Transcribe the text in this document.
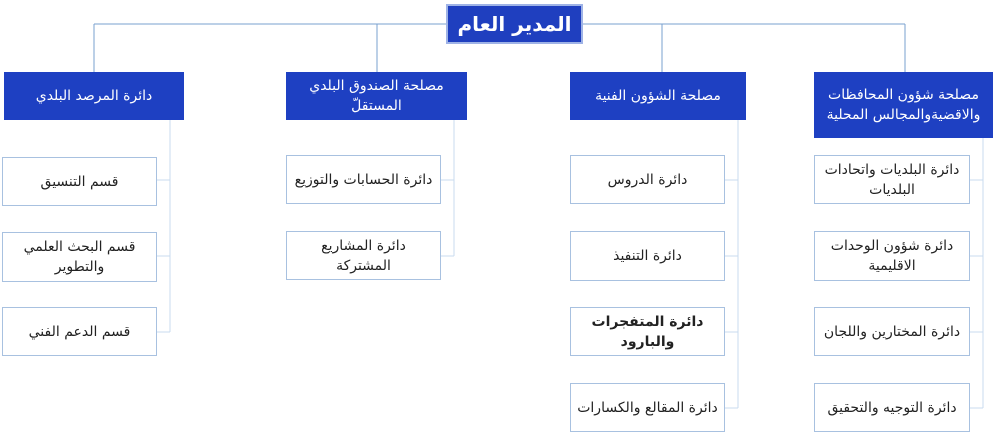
المدير العام
مصلحة شؤون المحافظات والاقضيةوالمجالس المحلية
دائرة البلديات واتحادات البلديات
دائرة شؤون الوحدات الاقليمية
دائرة المختارين واللجان
دائرة التوجيه والتحقيق
مصلحة الشؤون الفنية
دائرة الدروس
دائرة التنفيذ
دائرة المتفجرات والبارود
دائرة المقالع والكسارات
مصلحة الصندوق البلدي المستقلّ
دائرة الحسابات والتوزيع
دائرة المشاريع المشتركة
دائرة المرصد البلدي
قسم التنسيق
قسم البحث العلمي والتطوير
قسم الدعم الفني
